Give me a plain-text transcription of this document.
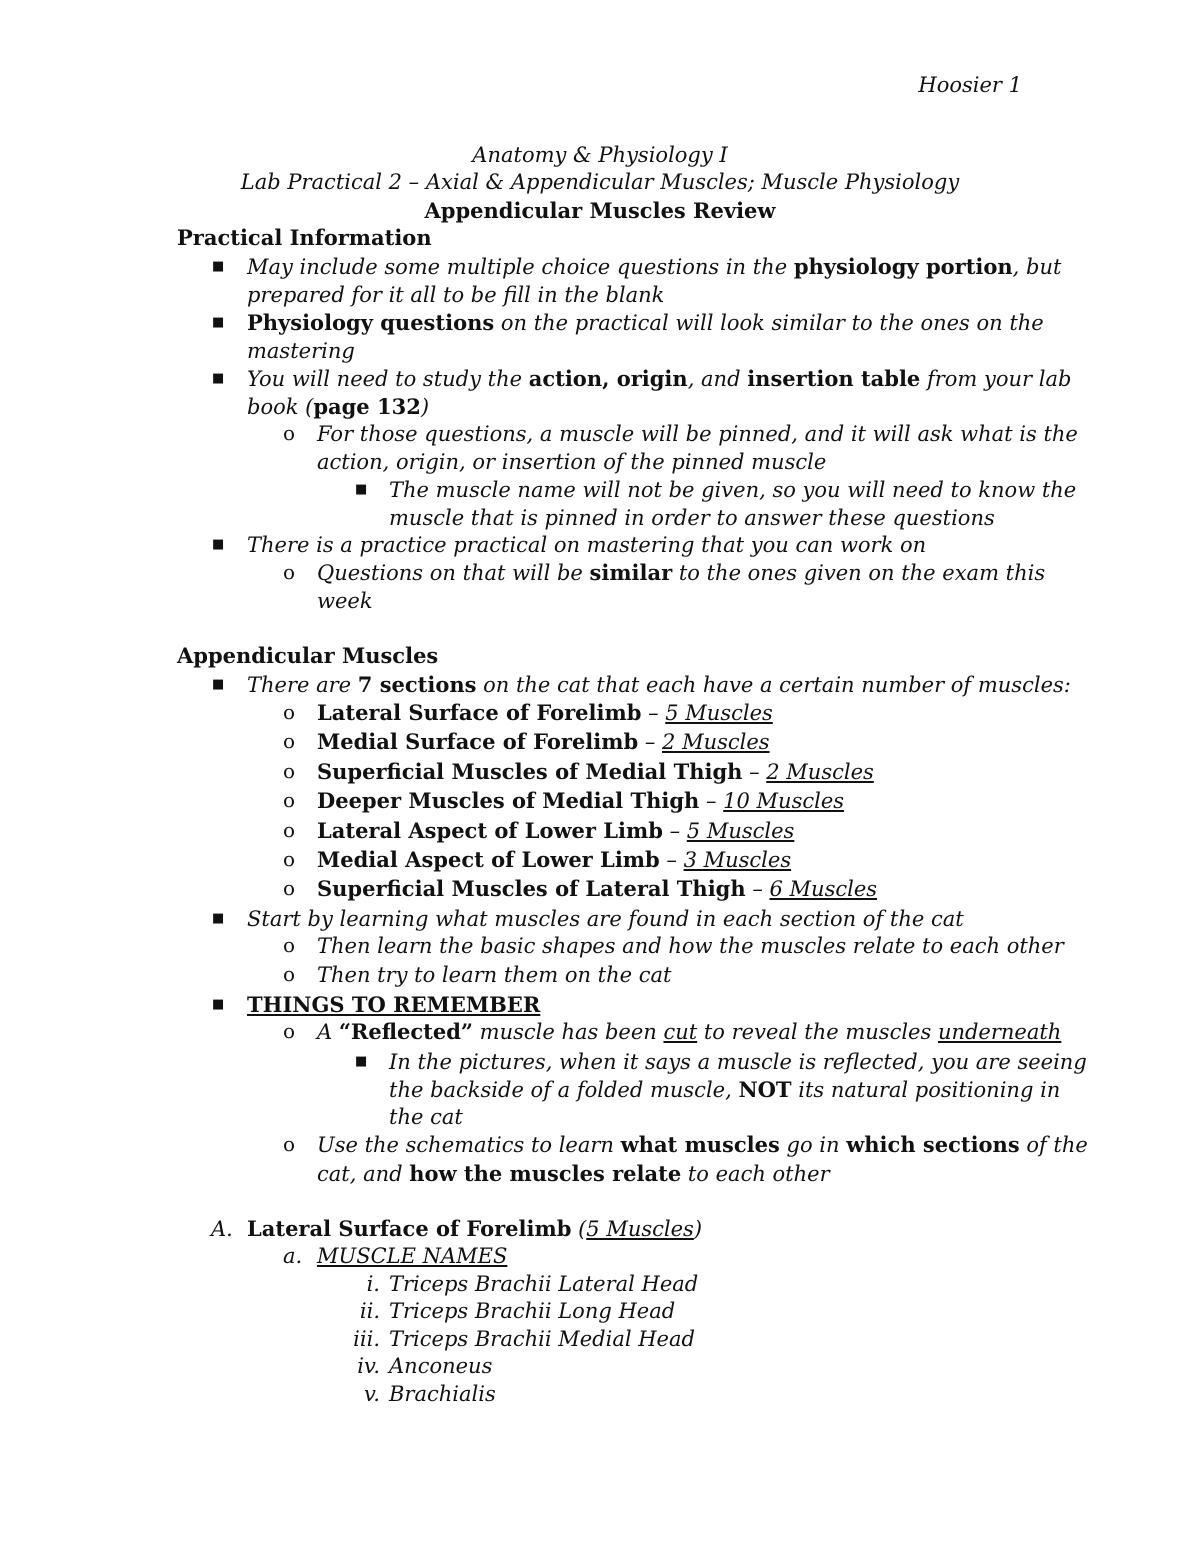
Hoosier 1
Anatomy & Physiology I
Lab Practical 2 – Axial & Appendicular Muscles; Muscle Physiology
Appendicular Muscles Review
Practical Information
■ May include some multiple choice questions in the physiology portion, but
prepared for it all to be fill in the blank
■ Physiology questions on the practical will look similar to the ones on the
mastering
■ You will need to study the action, origin, and insertion table from your lab
book (page 132)
o For those questions, a muscle will be pinned, and it will ask what is the
action, origin, or insertion of the pinned muscle
■ The muscle name will not be given, so you will need to know the
muscle that is pinned in order to answer these questions
■ There is a practice practical on mastering that you can work on
o Questions on that will be similar to the ones given on the exam this
week
Appendicular Muscles
■ There are 7 sections on the cat that each have a certain number of muscles:
o Lateral Surface of Forelimb – 5 Muscles
o Medial Surface of Forelimb – 2 Muscles
o Superficial Muscles of Medial Thigh – 2 Muscles
o Deeper Muscles of Medial Thigh – 10 Muscles
o Lateral Aspect of Lower Limb – 5 Muscles
o Medial Aspect of Lower Limb – 3 Muscles
o Superficial Muscles of Lateral Thigh – 6 Muscles
■ Start by learning what muscles are found in each section of the cat
o Then learn the basic shapes and how the muscles relate to each other
o Then try to learn them on the cat
■ THINGS TO REMEMBER
o A “Reflected” muscle has been cut to reveal the muscles underneath
■ In the pictures, when it says a muscle is reflected, you are seeing
the backside of a folded muscle, NOT its natural positioning in
the cat
o Use the schematics to learn what muscles go in which sections of the
cat, and how the muscles relate to each other
A. Lateral Surface of Forelimb (5 Muscles)
a. MUSCLE NAMES
i. Triceps Brachii Lateral Head
ii. Triceps Brachii Long Head
iii. Triceps Brachii Medial Head
iv. Anconeus
v. Brachialis
